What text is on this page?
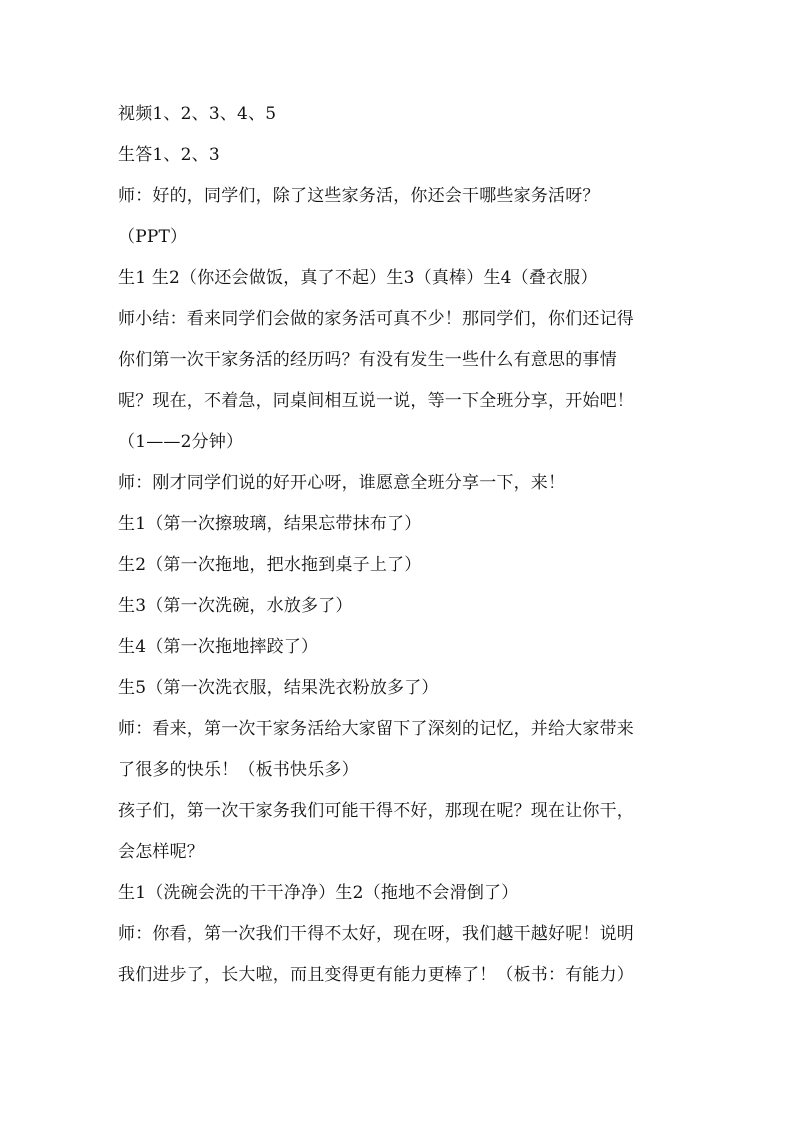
视频1、2、3、4、5
生答1、2、3
师：好的，同学们，除了这些家务活，你还会干哪些家务活呀？
（PPT）
生1 生2（你还会做饭，真了不起）生3（真棒）生4（叠衣服）
师小结：看来同学们会做的家务活可真不少！那同学们，你们还记得
你们第一次干家务活的经历吗？有没有发生一些什么有意思的事情
呢？现在，不着急，同桌间相互说一说，等一下全班分享，开始吧！
（1——2分钟）
师：刚才同学们说的好开心呀，谁愿意全班分享一下，来！
生1（第一次擦玻璃，结果忘带抹布了）
生2（第一次拖地，把水拖到桌子上了）
生3（第一次洗碗，水放多了）
生4（第一次拖地摔跤了）
生5（第一次洗衣服，结果洗衣粉放多了）
师：看来，第一次干家务活给大家留下了深刻的记忆，并给大家带来
了很多的快乐！（板书快乐多）
孩子们，第一次干家务我们可能干得不好，那现在呢？现在让你干，
会怎样呢？
生1（洗碗会洗的干干净净）生2（拖地不会滑倒了）
师：你看，第一次我们干得不太好，现在呀，我们越干越好呢！说明
我们进步了，长大啦，而且变得更有能力更棒了！（板书：有能力）
